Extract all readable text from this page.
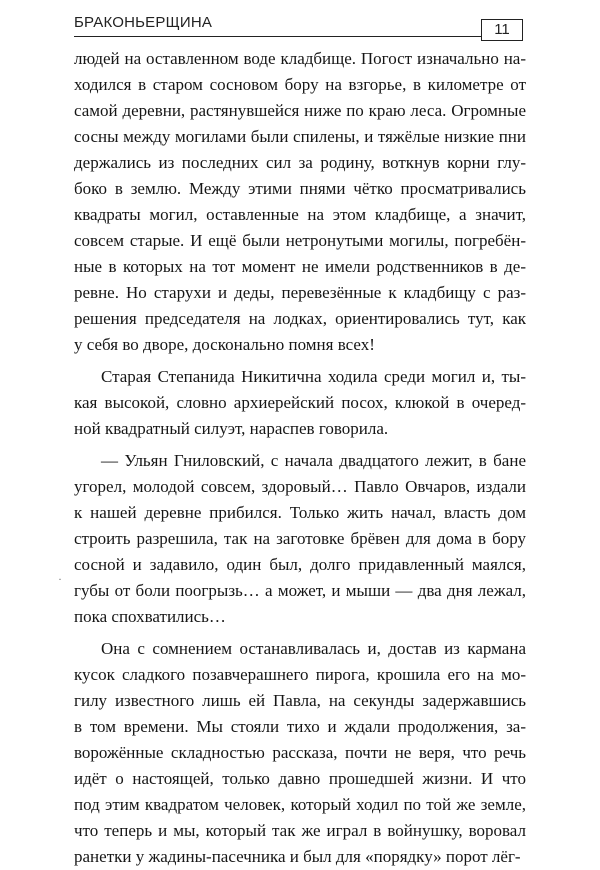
БРАКОНЬЕРЩИНА	11
людей на оставленном воде кладбище. Погост изначально на-
ходился в старом сосновом бору на взгорье, в километре от
самой деревни, растянувшейся ниже по краю леса. Огромные
сосны между могилами были спилены, и тяжёлые низкие пни
держались из последних сил за родину, воткнув корни глу-
боко в землю. Между этими пнями чётко просматривались
квадраты могил, оставленные на этом кладбище, а значит,
совсем старые. И ещё были нетронутыми могилы, погребён-
ные в которых на тот момент не имели родственников в де-
ревне. Но старухи и деды, перевезённые к кладбищу с раз-
решения председателя на лодках, ориентировались тут, как
у себя во дворе, досконально помня всех!
Старая Степанида Никитична ходила среди могил и, ты-
кая высокой, словно архиерейский посох, клюкой в очеред-
ной квадратный силуэт, нараспев говорила.
— Ульян Гниловский, с начала двадцатого лежит, в бане
угорел, молодой совсем, здоровый… Павло Овчаров, издали
к нашей деревне прибился. Только жить начал, власть дом
строить разрешила, так на заготовке брёвен для дома в бору
сосной и задавило, один был, долго придавленный маялся,
губы от боли поогрызь… а может, и мыши — два дня лежал,
пока спохватились…
Она с сомнением останавливалась и, достав из кармана
кусок сладкого позавчерашнего пирога, крошила его на мо-
гилу известного лишь ей Павла, на секунды задержавшись
в том времени. Мы стояли тихо и ждали продолжения, за-
ворожённые складностью рассказа, почти не веря, что речь
идёт о настоящей, только давно прошедшей жизни. И что
под этим квадратом человек, который ходил по той же земле,
что теперь и мы, который так же играл в войнушку, воровал
ранетки у жадины-пасечника и был для «порядку» порот лёг-
·
